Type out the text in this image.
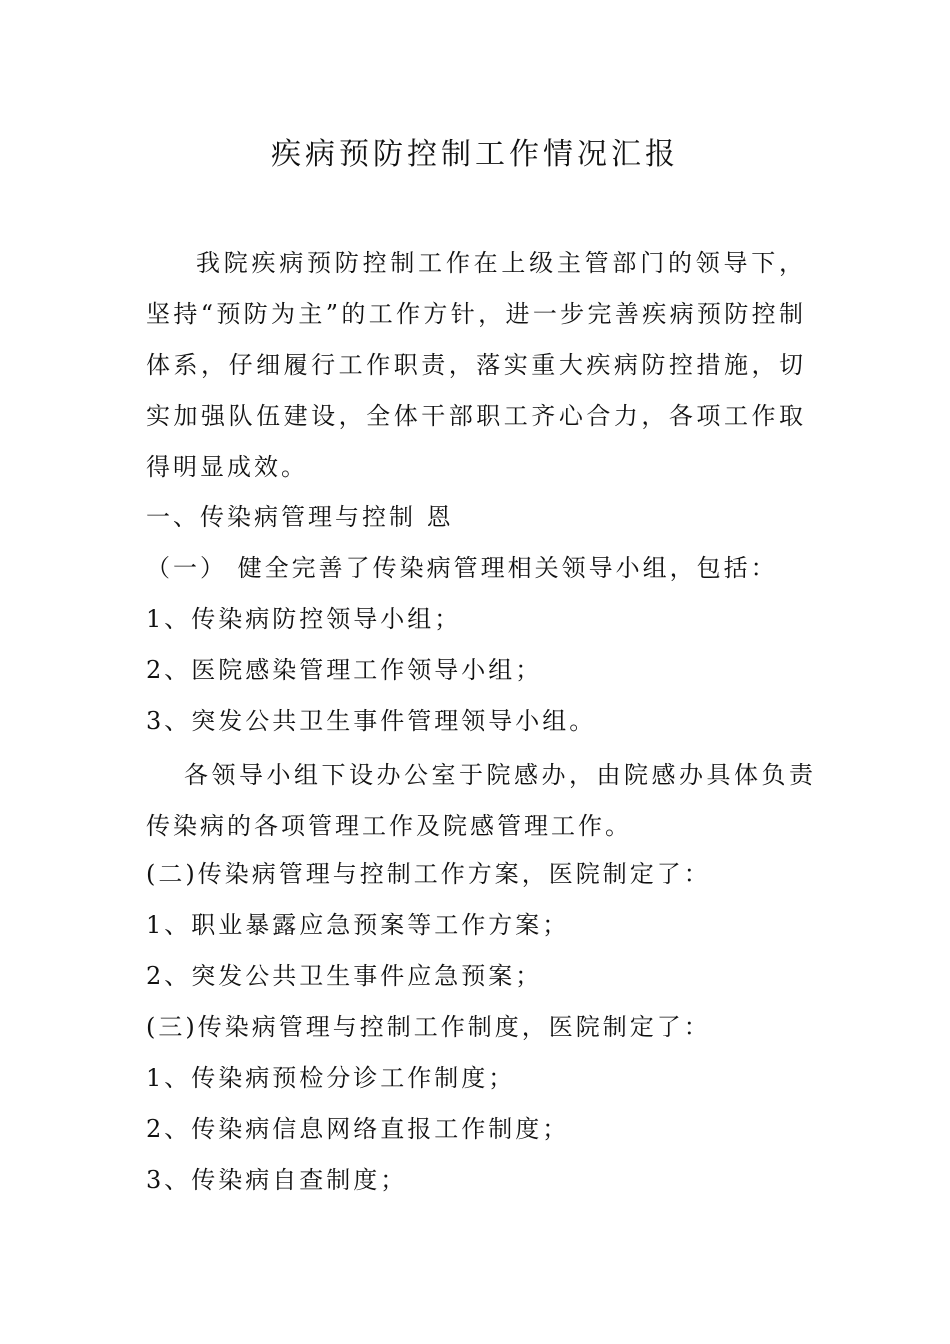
疾病预防控制工作情况汇报
我院疾病预防控制工作在上级主管部门的领导下，坚持“预防为主”的工作方针，进一步完善疾病预防控制体系，仔细履行工作职责，落实重大疾病防控措施，切实加强队伍建设，全体干部职工齐心合力，各项工作取得明显成效。
一、传染病管理与控制 恩
（一） 健全完善了传染病管理相关领导小组，包括：
1、传染病防控领导小组；
2、医院感染管理工作领导小组；
3、突发公共卫生事件管理领导小组。
各领导小组下设办公室于院感办，由院感办具体负责传染病的各项管理工作及院感管理工作。
(二)传染病管理与控制工作方案，医院制定了：
1、职业暴露应急预案等工作方案；
2、突发公共卫生事件应急预案；
(三)传染病管理与控制工作制度，医院制定了：
1、传染病预检分诊工作制度；
2、传染病信息网络直报工作制度；
3、传染病自查制度；
